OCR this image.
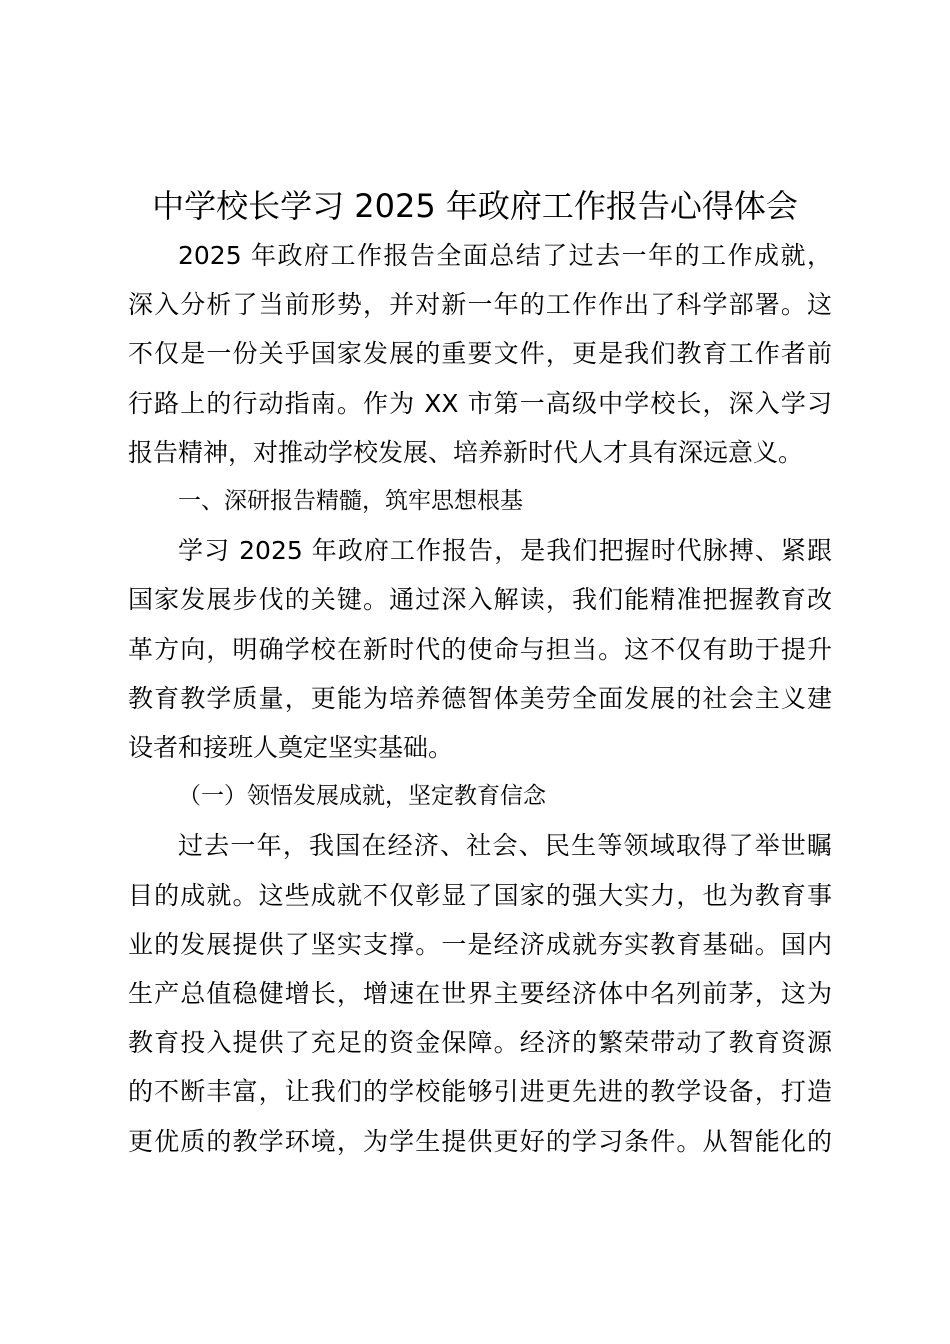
中学校长学习 2025 年政府工作报告心得体会

2025 年政府工作报告全面总结了过去一年的工作成就，
深入分析了当前形势，并对新一年的工作作出了科学部署。这
不仅是一份关乎国家发展的重要文件，更是我们教育工作者前
行路上的行动指南。作为 XX 市第一高级中学校长，深入学习
报告精神，对推动学校发展、培养新时代人才具有深远意义。

一、深研报告精髓，筑牢思想根基

学习 2025 年政府工作报告，是我们把握时代脉搏、紧跟
国家发展步伐的关键。通过深入解读，我们能精准把握教育改
革方向，明确学校在新时代的使命与担当。这不仅有助于提升
教育教学质量，更能为培养德智体美劳全面发展的社会主义建
设者和接班人奠定坚实基础。

（一）领悟发展成就，坚定教育信念

过去一年，我国在经济、社会、民生等领域取得了举世瞩
目的成就。这些成就不仅彰显了国家的强大实力，也为教育事
业的发展提供了坚实支撑。一是经济成就夯实教育基础。国内
生产总值稳健增长，增速在世界主要经济体中名列前茅，这为
教育投入提供了充足的资金保障。经济的繁荣带动了教育资源
的不断丰富，让我们的学校能够引进更先进的教学设备，打造
更优质的教学环境，为学生提供更好的学习条件。从智能化的
